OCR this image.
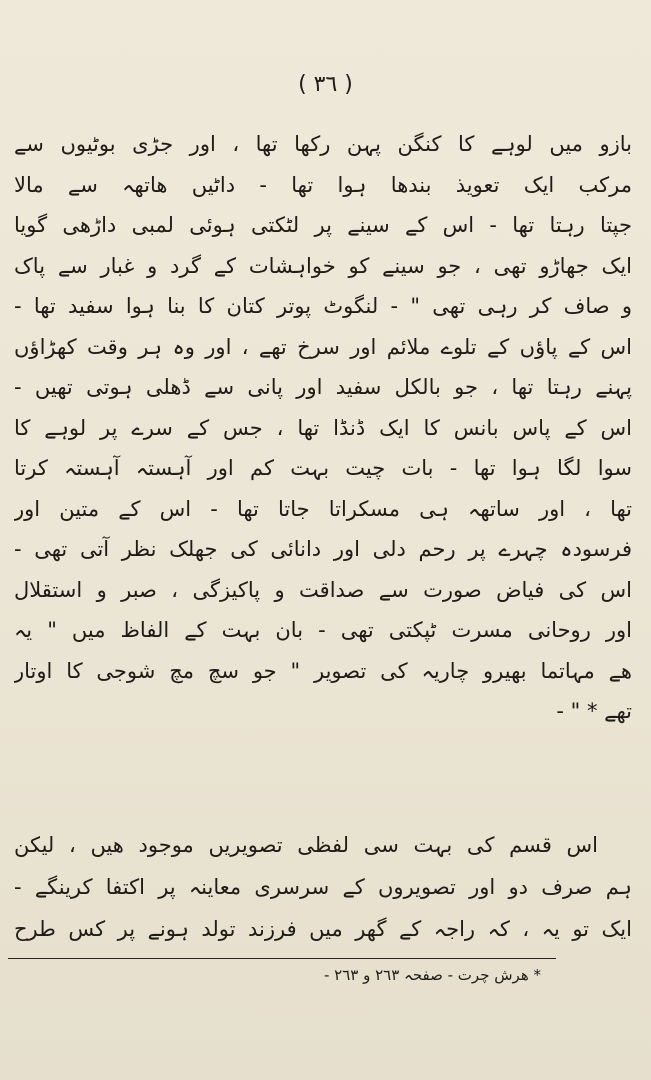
( ٣٦ )
بازو میں لوہے کا کنگن پہن رکھا تھا ، اور جڑی بوٹیوں سے
مرکب ایک تعویذ بندھا ہوا تھا - داٹیں ھاتھہ سے مالا
جپتا رہتا تھا - اس کے سینے پر لٹکتی ہوئی لمبی داڑھی گویا
ایک جھاڑو تھی ، جو سینے کو خواہشات کے گرد و غبار سے پاک
و صاف کر رہی تھی " - لنگوٹ پوتر کتان کا بنا ہوا سفید تھا -
اس کے پاؤں کے تلوے ملائم اور سرخ تھے ، اور وہ ہر وقت کھڑاؤں
پہنے رہتا تھا ، جو بالکل سفید اور پانی سے ڈھلی ہوتی تھیں -
اس کے پاس بانس کا ایک ڈنڈا تھا ، جس کے سرے پر لوہے کا
سوا لگا ہوا تھا - بات چیت بہت کم اور آہستہ آہستہ کرتا
تھا ، اور ساتھہ ہی مسکراتا جاتا تھا - اس کے متین اور
فرسودہ چہرے پر رحم دلی اور دانائی کی جھلک نظر آتی تھی -
اس کی فیاض صورت سے صداقت و پاکیزگی ، صبر و استقلال
اور روحانی مسرت ٹپکتی تھی - بان بہت کے الفاظ میں " یہ
ھے مہاتما بھیرو چاریہ کی تصویر " جو سچ مچ شوجی کا اوتار
تھے * " -
اس قسم کی بہت سی لفظی تصویریں موجود ھیں ، لیکن
ہم صرف دو اور تصویروں کے سرسری معاینہ پر اکتفا کرینگے -
ایک تو یہ ، کہ راجہ کے گھر میں فرزند تولد ہونے پر کس طرح
* ھرش چرت - صفحہ ٢٦٣ و ٢٦٣ -
